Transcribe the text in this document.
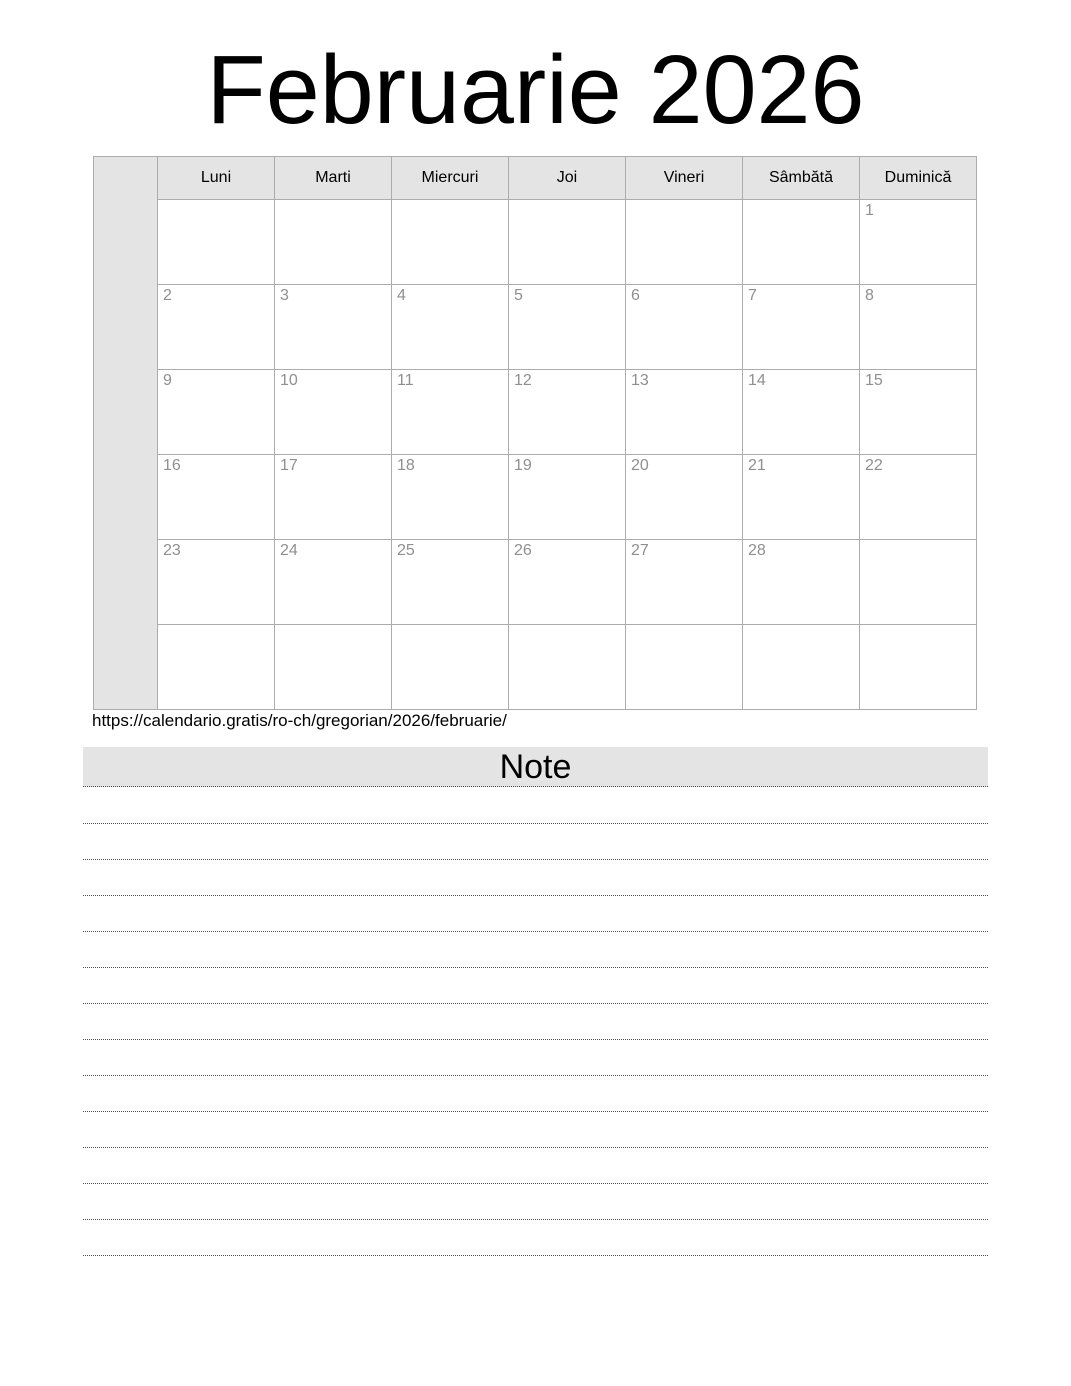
Februarie 2026
	Luni	Marti	Miercuri	Joi	Vineri	Sâmbătă	Duminică

							1

	2	3	4	5	6	7	8

	9	10	11	12	13	14	15

	16	17	18	19	20	21	22

	23	24	25	26	27	28	

https://calendario.gratis/ro-ch/gregorian/2026/februarie/
Note
